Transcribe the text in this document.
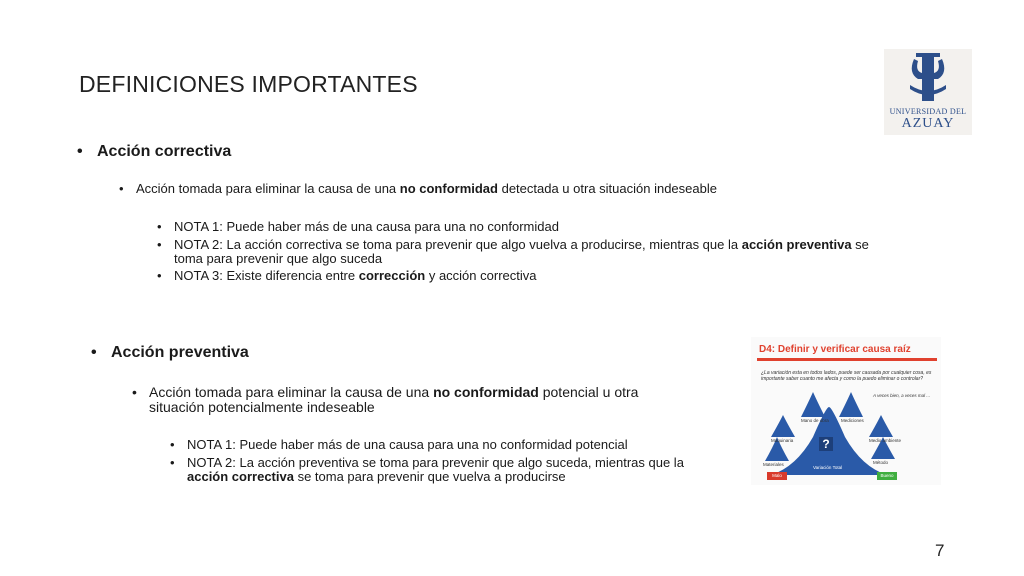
DEFINICIONES IMPORTANTES
UNIVERSIDAD DEL
AZUAY
• Acción correctiva
• Acción tomada para eliminar la causa de una no conformidad detectada u otra situación indeseable
• NOTA 1: Puede haber más de una causa para una no conformidad
• NOTA 2: La acción correctiva se toma para prevenir que algo vuelva a producirse, mientras que la acción preventiva se toma para prevenir que algo suceda
• NOTA 3: Existe diferencia entre corrección y acción correctiva
• Acción preventiva
• Acción tomada para eliminar la causa de una no conformidad potencial u otra situación potencialmente indeseable
• NOTA 1: Puede haber más de una causa para una no conformidad potencial
• NOTA 2: La acción preventiva se toma para prevenir que algo suceda, mientras que la acción correctiva se toma para prevenir que vuelva a producirse
D4: Definir y verificar causa raíz
¿La variación esta en todos lados, puede ser causada por cualquier cosa, es importante saber cuanto me afecta y como la puedo eliminar o controlar?
A veces bien, a veces mal ...
Mano de obra	Mediciones
Maquinaria	Medio ambiente
Materiales	Método
Variación Total
?
Malo	Bueno
7
